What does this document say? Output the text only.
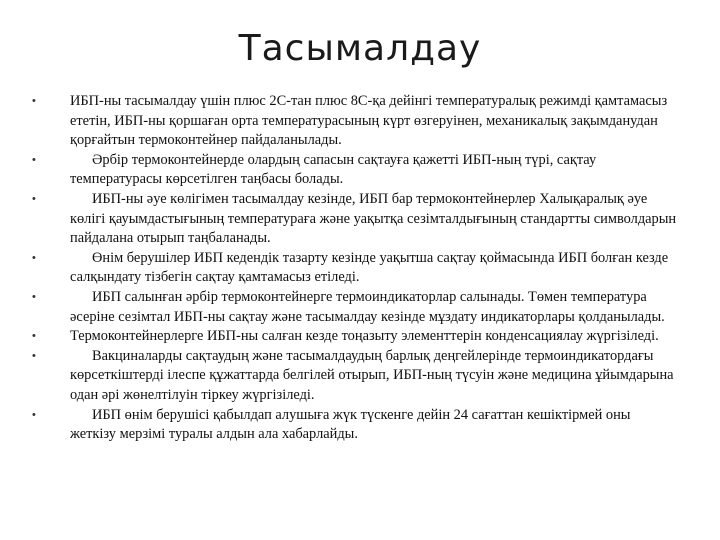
Тасымалдау
•	ИБП-ны тасымалдау үшін плюс 2С-тан плюс 8С-қа дейінгі температуралық режимді қамтамасыз ететін, ИБП-ны қоршаған орта температурасының күрт өзгеруінен, механикалық зақымданудан қорғайтын термоконтейнер пайдаланылады.
•	Әрбір термоконтейнерде олардың сапасын сақтауға қажетті ИБП-ның түрі, сақтау температурасы көрсетілген таңбасы болады.
•	ИБП-ны әуе көлігімен тасымалдау кезінде, ИБП бар термоконтейнерлер Халықаралық әуе көлігі қауымдастығының температураға және уақытқа сезімталдығының стандартты символдарын пайдалана отырып таңбаланады.
•	Өнім берушілер ИБП кедендік тазарту кезінде уақытша сақтау қоймасында ИБП болған кезде салқындату тізбегін сақтау қамтамасыз етіледі.
•	ИБП салынған әрбір термоконтейнерге термоиндикаторлар салынады. Төмен температура әсеріне сезімтал ИБП-ны сақтау және тасымалдау кезінде мұздату индикаторлары қолданылады.
•	Термоконтейнерлерге ИБП-ны салған кезде тоңазыту элементтерін конденсациялау жүргізіледі.
•	Вакциналарды сақтаудың және тасымалдаудың барлық деңгейлерінде термоиндикатордағы көрсеткіштерді ілеспе құжаттарда белгілей отырып, ИБП-ның түсуін және медицина ұйымдарына одан әрі жөнелтілуін тіркеу жүргізіледі.
•	ИБП өнім берушісі қабылдап алушыға жүк түскенге дейін 24 сағаттан кешіктірмей оны жеткізу мерзімі туралы алдын ала хабарлайды.
